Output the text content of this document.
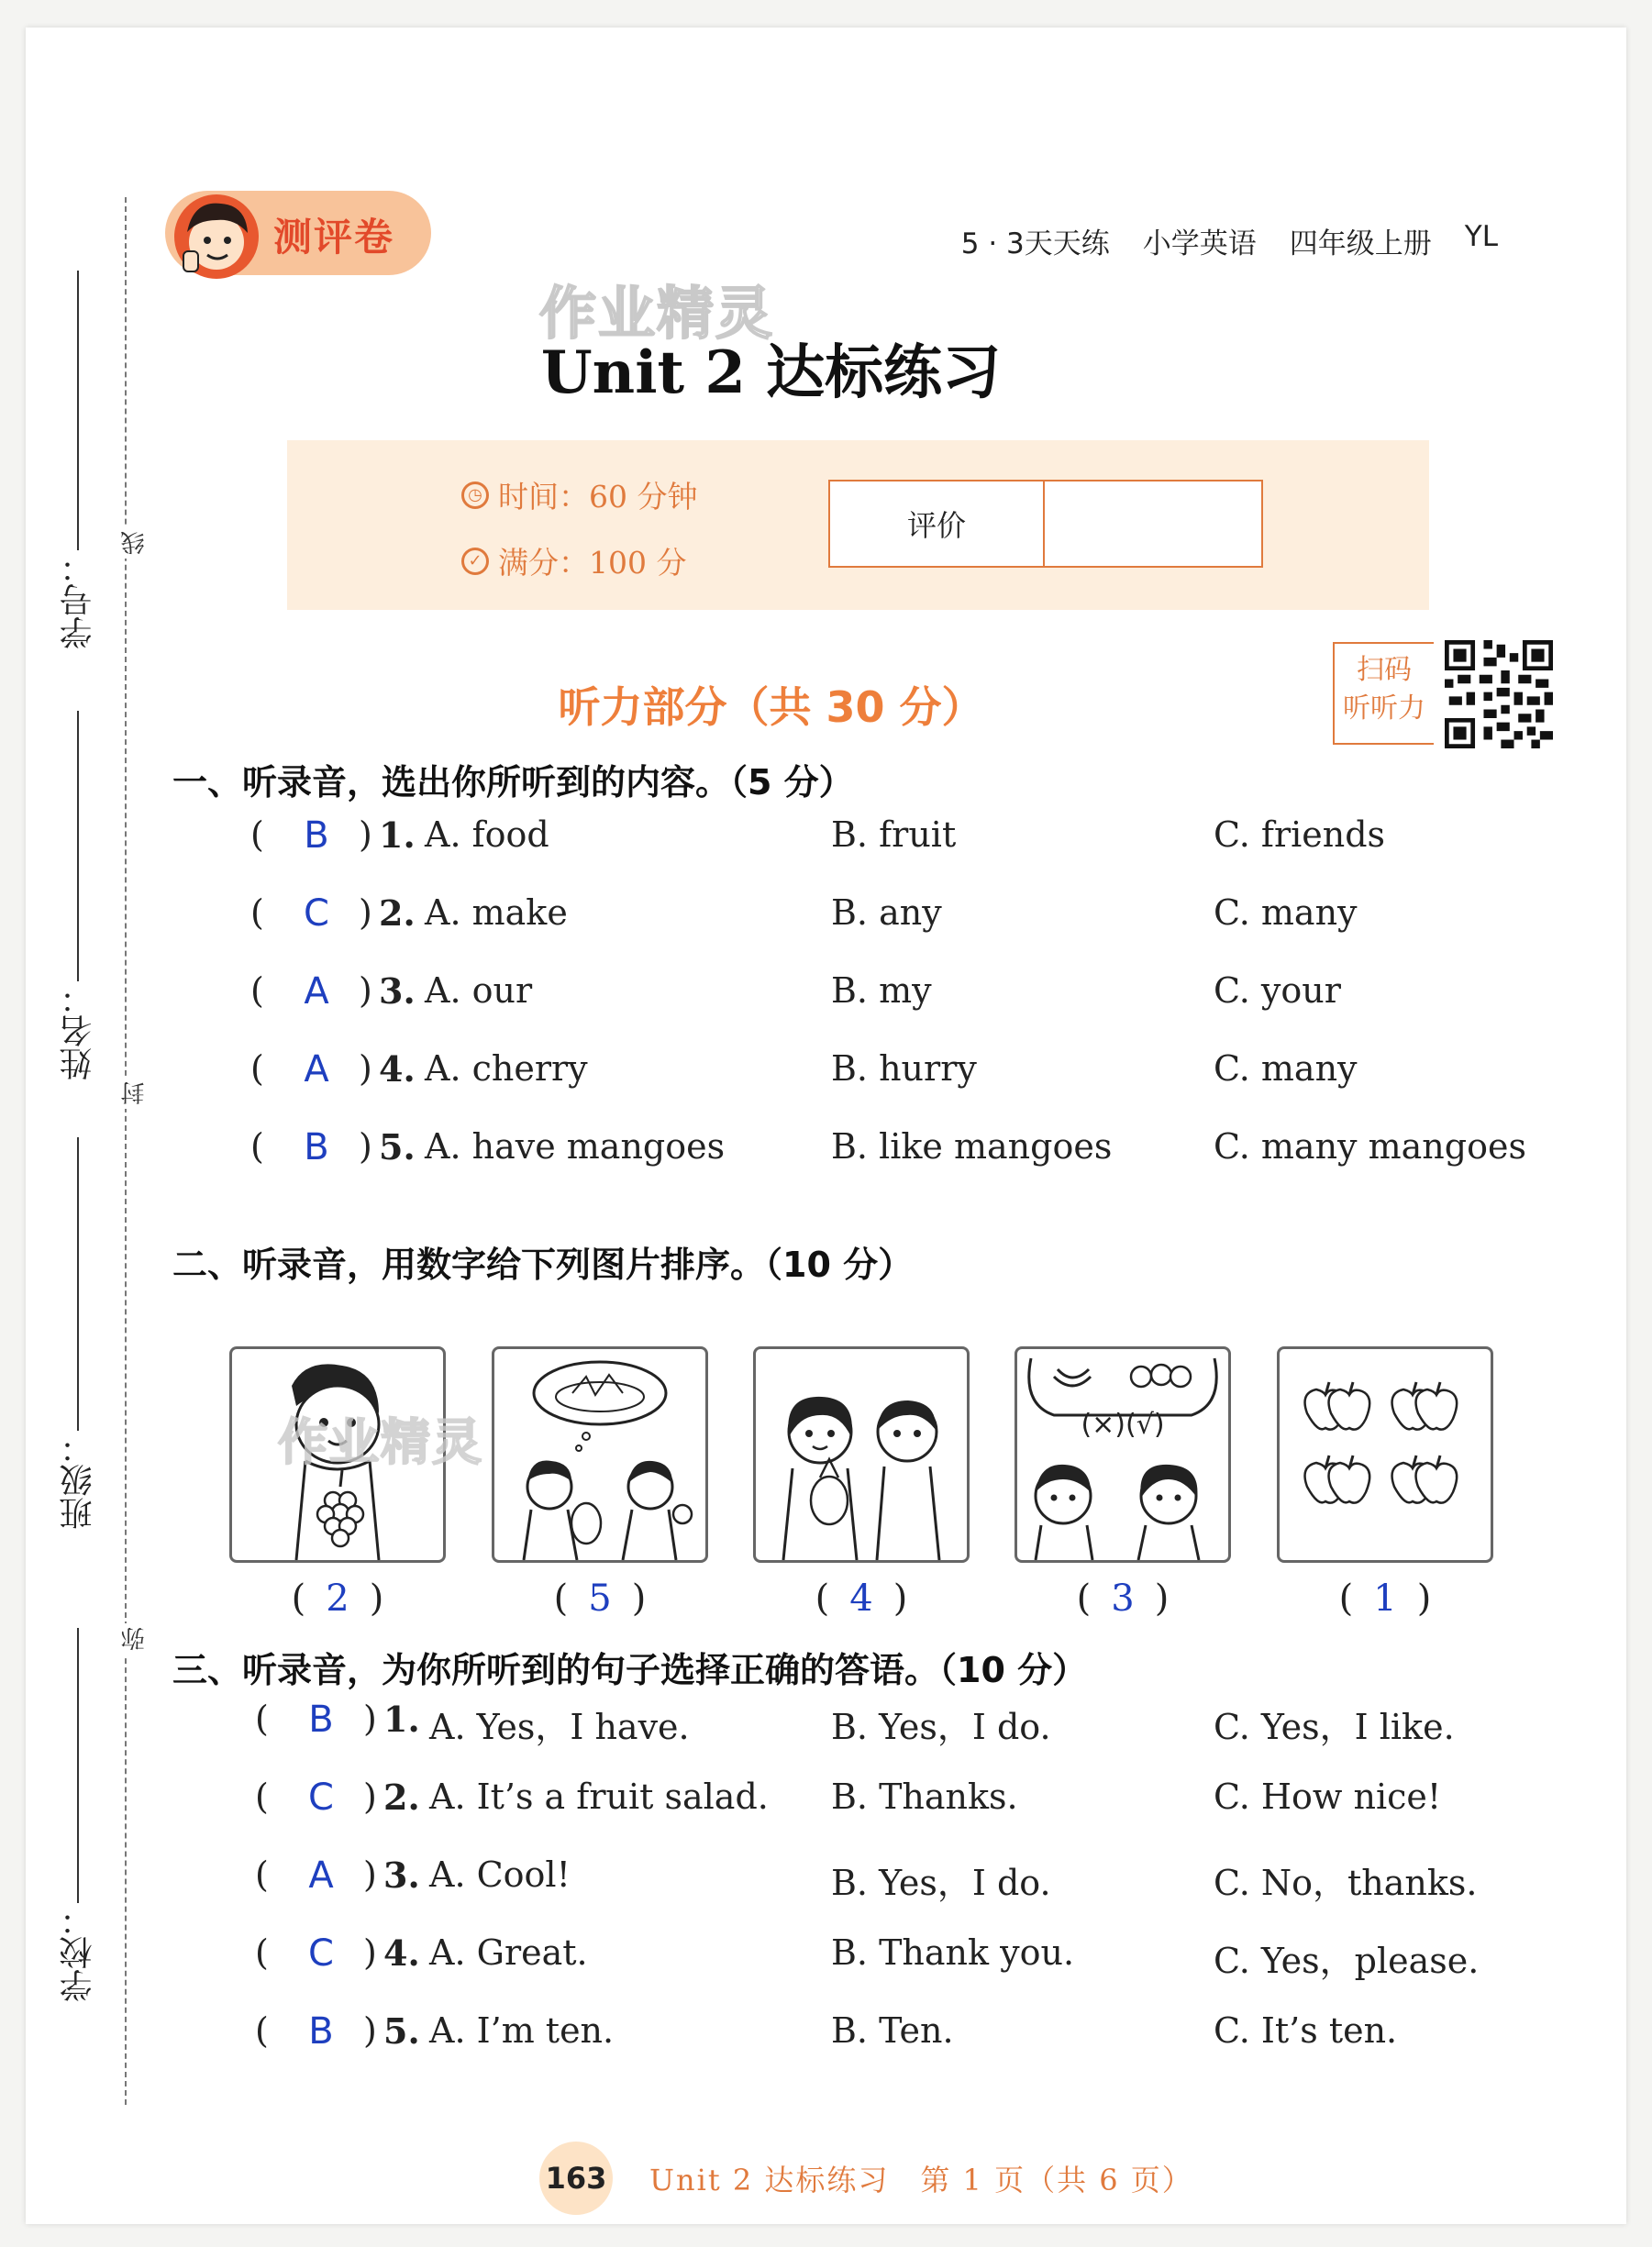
线
封
弥
学号：
姓名：
班级：
学校：
测评卷	5 · 3天天练 小学英语 四年级上册 YL
作业精灵
Unit 2 达标练习
◷ 时间：60 分钟
✓ 满分：100 分
评价
听力部分（共 30 分）
扫码
听听力
一、听录音，选出你所听到的内容。（5 分）
( B ) 1. A. food	B. fruit	C. friends
( C ) 2. A. make	B. any	C. many
( A ) 3. A. our	B. my	C. your
( A ) 4. A. cherry	B. hurry	C. many
( B ) 5. A. have mangoes	B. like mangoes	C. many mangoes
二、听录音，用数字给下列图片排序。（10 分）
(×)(√)
作业精灵
( 2 )	( 5 )	( 4 )	( 3 )	( 1 )
三、听录音，为你所听到的句子选择正确的答语。（10 分）
( B ) 1. A. Yes，I have.	B. Yes，I do.	C. Yes，I like.
( C ) 2. A. It’s a fruit salad. B. Thanks.	C. How nice!
( A ) 3. A. Cool!	B. Yes，I do.	C. No，thanks.
( C ) 4. A. Great.	B. Thank you.	C. Yes，please.
( B ) 5. A. I’m ten.	B. Ten.	C. It’s ten.
163 Unit 2 达标练习　第 1 页（共 6 页）
